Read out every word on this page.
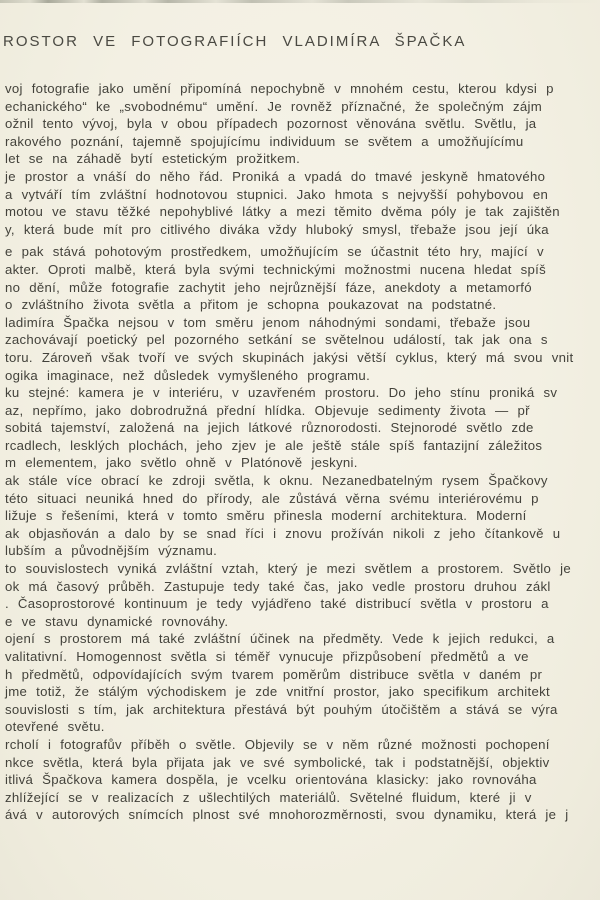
ROSTOR VE FOTOGRAFIÍCH VLADIMÍRA ŠPAČKA
voj fotografie jako umění připomíná nepochybně v mnohém cestu, kterou kdysi p
echanického“ ke „svobodnému“ umění. Je rovněž příznačné, že společným zájm
ožnil tento vývoj, byla v obou případech pozornost věnována světlu. Světlu, ja
rakového poznání, tajemně spojujícímu individuum se světem a umožňujícímu
let se na záhadě bytí estetickým prožitkem.
je prostor a vnáší do něho řád. Proniká a vpadá do tmavé jeskyně hmatového
a vytváří tím zvláštní hodnotovou stupnici. Jako hmota s nejvyšší pohybovou en
motou ve stavu těžké nepohyblivé látky a mezi těmito dvěma póly je tak zajištěn
y, která bude mít pro citlivého diváka vždy hluboký smysl, třebaže jsou její úka
e pak stává pohotovým prostředkem, umožňujícím se účastnit této hry, mající v
akter. Oproti malbě, která byla svými technickými možnostmi nucena hledat spíš
no dění, může fotografie zachytit jeho nejrůznější fáze, anekdoty a metamorfó
o zvláštního života světla a přitom je schopna poukazovat na podstatné.
ladimíra Špačka nejsou v tom směru jenom náhodnými sondami, třebaže jsou
zachovávají poetický pel pozorného setkání se světelnou událostí, tak jak ona s
toru. Zároveň však tvoří ve svých skupinách jakýsi větší cyklus, který má svou vnit
ogika imaginace, než důsledek vymyšleného programu.
ku stejné: kamera je v interiéru, v uzavřeném prostoru. Do jeho stínu proniká sv
az, nepřímo, jako dobrodružná přední hlídka. Objevuje sedimenty života — př
sobitá tajemství, založená na jejich látkové různorodosti. Stejnorodé světlo zde
rcadlech, lesklých plochách, jeho zjev je ale ještě stále spíš fantazijní záležitos
m elementem, jako světlo ohně v Platónově jeskyni.
ak stále více obrací ke zdroji světla, k oknu. Nezanedbatelným rysem Špačkovy
této situaci neuniká hned do přírody, ale zůstává věrna svému interiérovému p
ližuje s řešeními, která v tomto směru přinesla moderní architektura. Moderní
ak objasňován a dalo by se snad říci i znovu prožíván nikoli z jeho čítankově u
lubším a původnějším významu.
to souvislostech vyniká zvláštní vztah, který je mezi světlem a prostorem. Světlo je
ok má časový průběh. Zastupuje tedy také čas, jako vedle prostoru druhou zákl
. Časoprostorové kontinuum je tedy vyjádřeno také distribucí světla v prostoru a
e ve stavu dynamické rovnováhy.
ojení s prostorem má také zvláštní účinek na předměty. Vede k jejich redukci, a
valitativní. Homogennost světla si téměř vynucuje přizpůsobení předmětů a ve
h předmětů, odpovídajících svým tvarem poměrům distribuce světla v daném pr
jme totiž, že stálým východiskem je zde vnitřní prostor, jako specifikum architekt
souvislosti s tím, jak architektura přestává být pouhým útočištěm a stává se výra
otevřené světu.
rcholí i fotografův příběh o světle. Objevily se v něm různé možnosti pochopení
nkce světla, která byla přijata jak ve své symbolické, tak i podstatnější, objektiv
itlivá Špačkova kamera dospěla, je vcelku orientována klasicky: jako rovnováha
zhlížející se v realizacích z ušlechtilých materiálů. Světelné fluidum, které ji v
ává v autorových snímcích plnost své mnohorozměrnosti, svou dynamiku, která je j
